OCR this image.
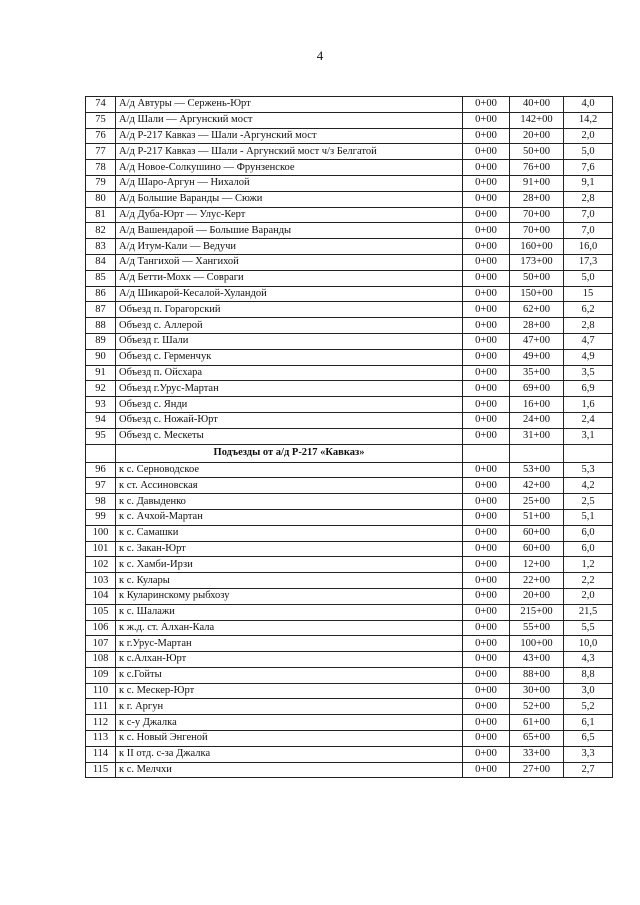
4
74	А/д Автуры — Сержень-Юрт	0+00	40+00	4,0
75	А/д Шали — Аргунский мост	0+00	142+00	14,2
76	А/д Р-217 Кавказ — Шали -Аргунский мост	0+00	20+00	2,0
77	А/д Р-217 Кавказ — Шали - Аргунский мост ч/з Белгатой	0+00	50+00	5,0
78	А/д Новое-Солкушино — Фрунзенское	0+00	76+00	7,6
79	А/д Шаро-Аргун — Нихалой	0+00	91+00	9,1
80	А/д Большие Варанды — Сюжи	0+00	28+00	2,8
81	А/д Дуба-Юрт — Улус-Керт	0+00	70+00	7,0
82	А/д Вашендарой — Большие Варанды	0+00	70+00	7,0
83	А/д Итум-Кали — Ведучи	0+00	160+00	16,0
84	А/д Тангихой — Хангихой	0+00	173+00	17,3
85	А/д Бетти-Мохк — Совраги	0+00	50+00	5,0
86	А/д Шикарой-Кесалой-Хуландой	0+00	150+00	15
87	Объезд п. Горагорский	0+00	62+00	6,2
88	Объезд с. Аллерой	0+00	28+00	2,8
89	Объезд г. Шали	0+00	47+00	4,7
90	Объезд с. Герменчук	0+00	49+00	4,9
91	Объезд п. Ойсхара	0+00	35+00	3,5
92	Объезд г.Урус-Мартан	0+00	69+00	6,9
93	Объезд с. Янди	0+00	16+00	1,6
94	Объезд с. Ножай-Юрт	0+00	24+00	2,4
95	Объезд с. Мескеты	0+00	31+00	3,1
	Подъезды от а/д Р-217 «Кавказ»			
96	к с. Серноводское	0+00	53+00	5,3
97	к ст. Ассиновская	0+00	42+00	4,2
98	к с. Давыденко	0+00	25+00	2,5
99	к с. Ачхой-Мартан	0+00	51+00	5,1
100	к с. Самашки	0+00	60+00	6,0
101	к с. Закан-Юрт	0+00	60+00	6,0
102	к с. Хамби-Ирзи	0+00	12+00	1,2
103	к с. Кулары	0+00	22+00	2,2
104	к Куларинскому рыбхозу	0+00	20+00	2,0
105	к с. Шалажи	0+00	215+00	21,5
106	к ж.д. ст. Алхан-Кала	0+00	55+00	5,5
107	к г.Урус-Мартан	0+00	100+00	10,0
108	к с.Алхан-Юрт	0+00	43+00	4,3
109	к с.Гойты	0+00	88+00	8,8
110	к с. Мескер-Юрт	0+00	30+00	3,0
111	к г. Аргун	0+00	52+00	5,2
112	к с-у Джалка	0+00	61+00	6,1
113	к с. Новый Энгеной	0+00	65+00	6,5
114	к II отд. с-за Джалка	0+00	33+00	3,3
115	к с. Мелчхи	0+00	27+00	2,7
